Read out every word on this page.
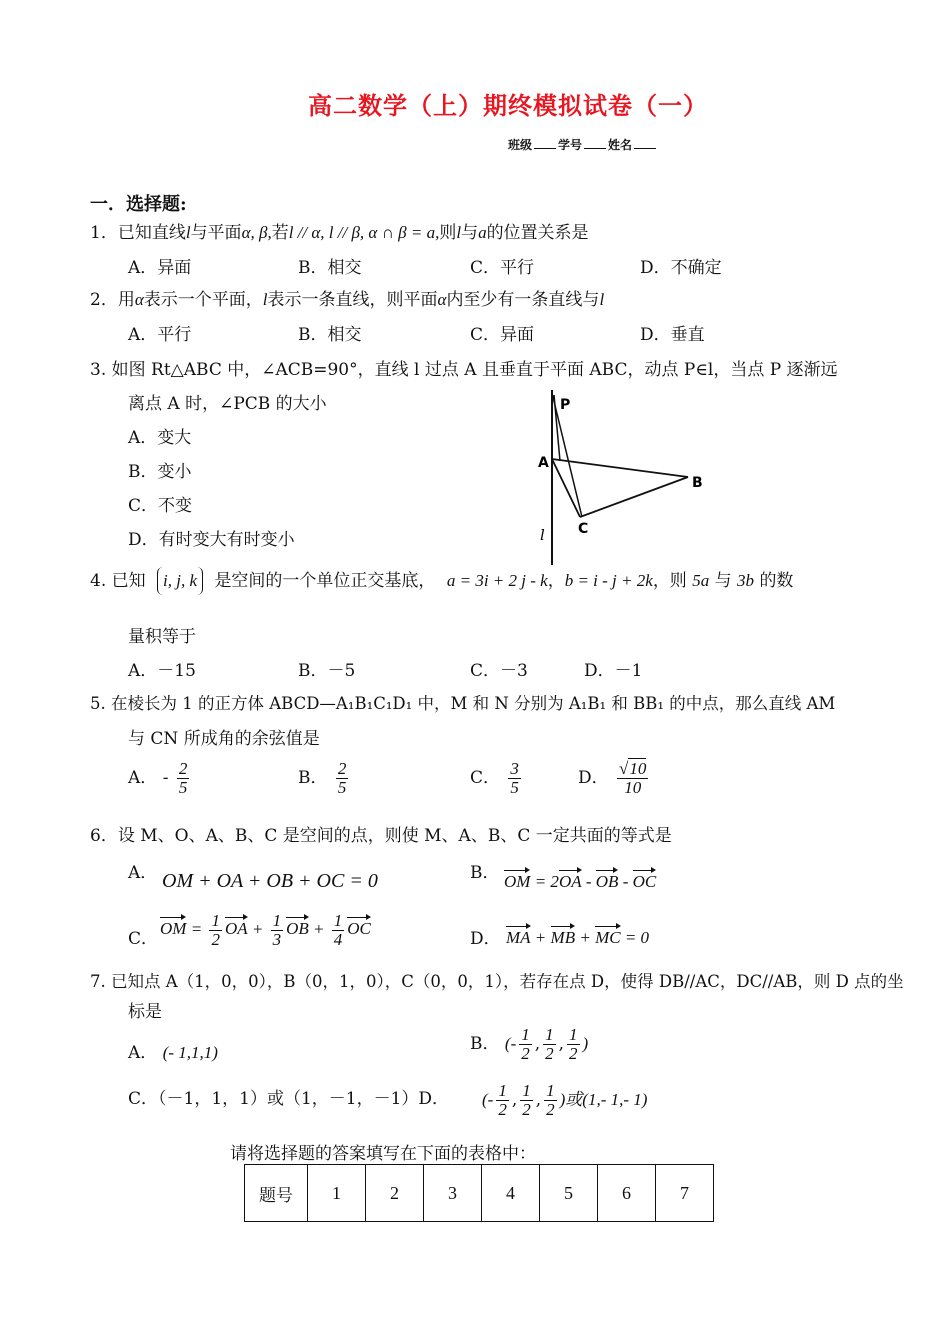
高二数学（上）期终模拟试卷（一）
班级 学号 姓名
一．选择题:
1．已知直线l与平面α, β,若l // α, l // β, α ∩ β = a,则l与a的位置关系是
A．异面	B．相交	C．平行	D．不确定
2．用α表示一个平面，l表示一条直线，则平面α内至少有一条直线与l
A．平行	B．相交	C．异面	D．垂直
3. 如图 Rt△ABC 中，∠ACB=90°，直线 l 过点 A 且垂直于平面 ABC，动点 P∈l，当点 P 逐渐远
离点 A 时，∠PCB 的大小
A．变大
B．变小
C．不变
D．有时变大有时变小
P
A
B
C
l
4. 已知 i, j, k 是空间的一个单位正交基底， a = 3i + 2 j - k，b = i - j + 2k，则 5a 与 3b 的数
量积等于
A．－15	B．－5	C．－3	D．－1
5. 在棱长为 1 的正方体 ABCD—A₁B₁C₁D₁ 中，M 和 N 分别为 A₁B₁ 和 BB₁ 的中点，那么直线 AM
与 CN 所成角的余弦值是
A． - $\frac{2}{5}$	B． $\frac{2}{5}$	C． $\frac{3}{5}$	D． $\frac{√10}{10}$
6．设 M、O、A、B、C 是空间的点，则使 M、A、B、C 一定共面的等式是
A． OM + OA + OB + OC = 0	B． OM = 2OA - OB - OC
C．
OM = $\frac{1}{2}$ OA + $\frac{1}{3}$ OB + $\frac{1}{4}$ OC
D． MA + MB + MC = 0
7. 已知点 A（1，0，0），B（0，1，0），C（0，0，1），若存在点 D，使得 DB//AC，DC//AB，则 D 点的坐
标是
A． (- 1,1,1)	B． (- $\frac{1}{2}$ , $\frac{1}{2}$ , $\frac{1}{2}$ )
C．（－1，1，1）或（1，－1，－1）D． (- $\frac{1}{2}$ , $\frac{1}{2}$ , $\frac{1}{2}$ )或(1,- 1,- 1)
请将选择题的答案填写在下面的表格中：
题号	1	2	3	4	5	6	7
